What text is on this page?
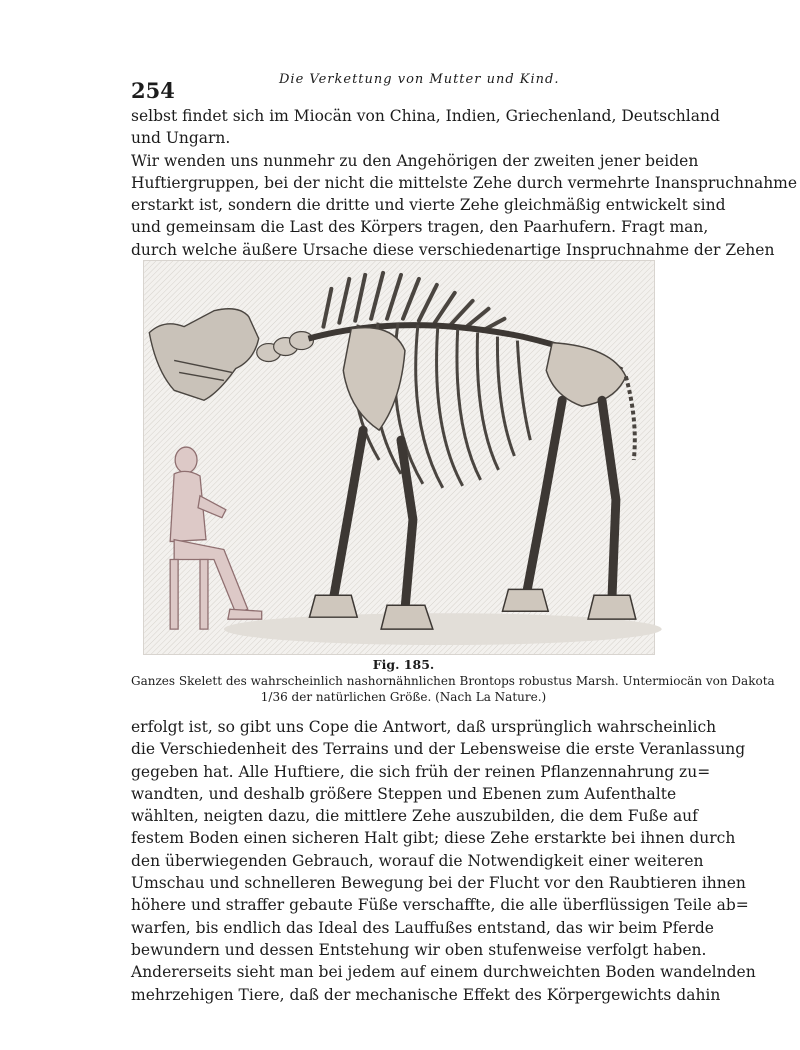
254	Die Verkettung von Mutter und Kind.
selbst findet sich im Miocän von China, Indien, Griechenland, Deutschland
und Ungarn.
Wir wenden uns nunmehr zu den Angehörigen der zweiten jener beiden
Huftiergruppen, bei der nicht die mittelste Zehe durch vermehrte Inanspruchnahme
erstarkt ist, sondern die dritte und vierte Zehe gleichmäßig entwickelt sind
und gemeinsam die Last des Körpers tragen, den Paarhufern. Fragt man,
durch welche äußere Ursache diese verschiedenartige Inspruchnahme der Zehen
Fig. 185.
Ganzes Skelett des wahrscheinlich nashornähnlichen Brontops robustus Marsh. Untermiocän von Dakota
1/36 der natürlichen Größe. (Nach La Nature.)
erfolgt ist, so gibt uns Cope die Antwort, daß ursprünglich wahrscheinlich
die Verschiedenheit des Terrains und der Lebensweise die erste Veranlassung
gegeben hat. Alle Huftiere, die sich früh der reinen Pflanzennahrung zu=
wandten, und deshalb größere Steppen und Ebenen zum Aufenthalte
wählten, neigten dazu, die mittlere Zehe auszubilden, die dem Fuße auf
festem Boden einen sicheren Halt gibt; diese Zehe erstarkte bei ihnen durch
den überwiegenden Gebrauch, worauf die Notwendigkeit einer weiteren
Umschau und schnelleren Bewegung bei der Flucht vor den Raubtieren ihnen
höhere und straffer gebaute Füße verschaffte, die alle überflüssigen Teile ab=
warfen, bis endlich das Ideal des Lauffußes entstand, das wir beim Pferde
bewundern und dessen Entstehung wir oben stufenweise verfolgt haben.
Andererseits sieht man bei jedem auf einem durchweichten Boden wandelnden
mehrzehigen Tiere, daß der mechanische Effekt des Körpergewichts dahin
